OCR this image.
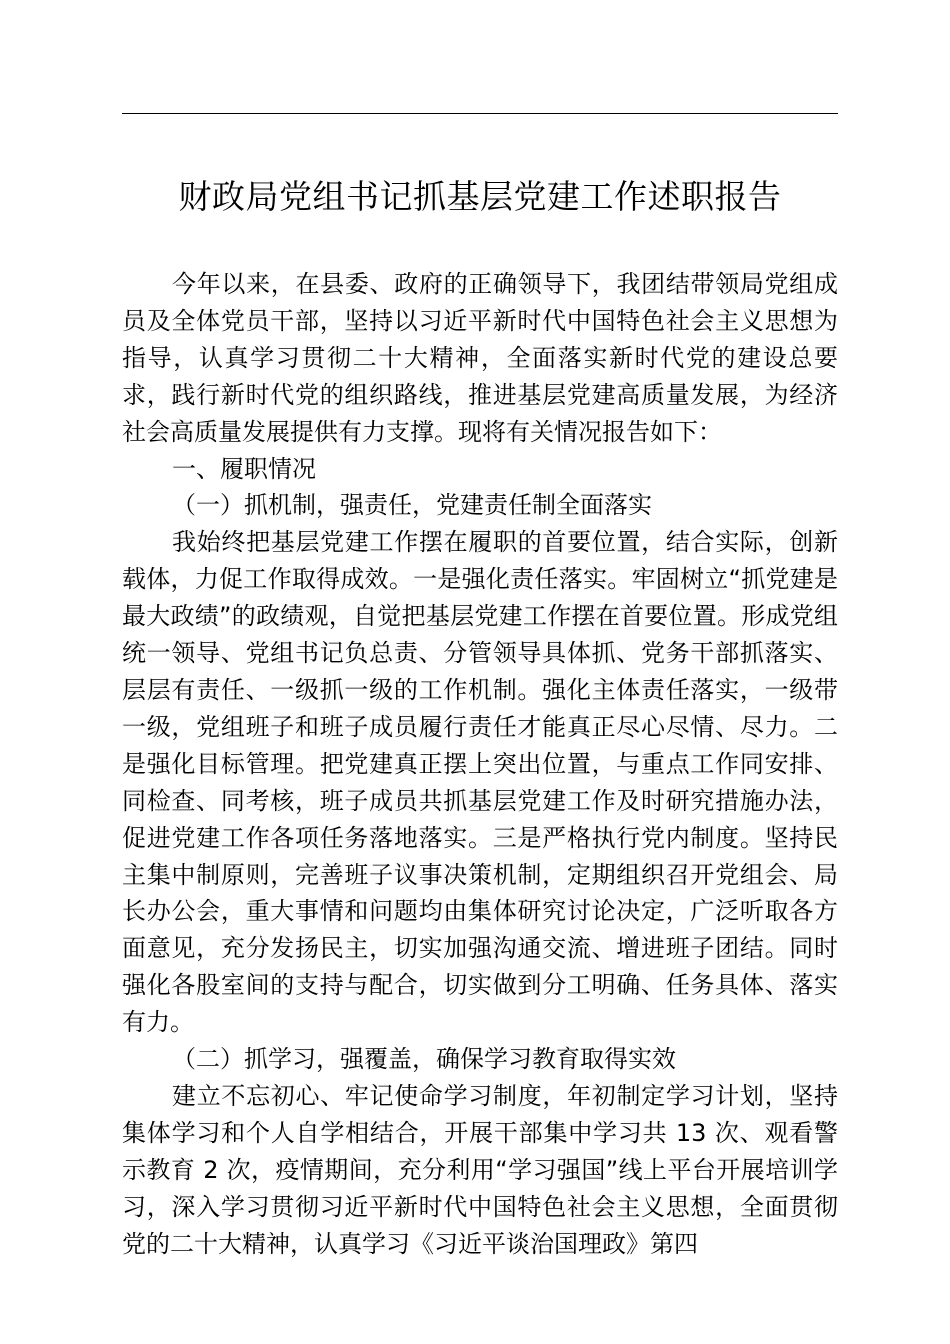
财政局党组书记抓基层党建工作述职报告

今年以来，在县委、政府的正确领导下，我团结带领局党组成员及全体党员干部，坚持以习近平新时代中国特色社会主义思想为指导，认真学习贯彻二十大精神，全面落实新时代党的建设总要求，践行新时代党的组织路线，推进基层党建高质量发展，为经济社会高质量发展提供有力支撑。现将有关情况报告如下：

一、履职情况

（一）抓机制，强责任，党建责任制全面落实

我始终把基层党建工作摆在履职的首要位置，结合实际，创新载体，力促工作取得成效。一是强化责任落实。牢固树立“抓党建是最大政绩”的政绩观，自觉把基层党建工作摆在首要位置。形成党组统一领导、党组书记负总责、分管领导具体抓、党务干部抓落实、层层有责任、一级抓一级的工作机制。强化主体责任落实，一级带一级，党组班子和班子成员履行责任才能真正尽心尽情、尽力。二是强化目标管理。把党建真正摆上突出位置，与重点工作同安排、同检查、同考核，班子成员共抓基层党建工作及时研究措施办法，促进党建工作各项任务落地落实。三是严格执行党内制度。坚持民主集中制原则，完善班子议事决策机制，定期组织召开党组会、局长办公会，重大事情和问题均由集体研究讨论决定，广泛听取各方面意见，充分发扬民主，切实加强沟通交流、增进班子团结。同时强化各股室间的支持与配合，切实做到分工明确、任务具体、落实有力。

（二）抓学习，强覆盖，确保学习教育取得实效

建立不忘初心、牢记使命学习制度，年初制定学习计划，坚持集体学习和个人自学相结合，开展干部集中学习共 13 次、观看警示教育 2 次，疫情期间，充分利用“学习强国”线上平台开展培训学习，深入学习贯彻习近平新时代中国特色社会主义思想，全面贯彻党的二十大精神，认真学习《习近平谈治国理政》第四
